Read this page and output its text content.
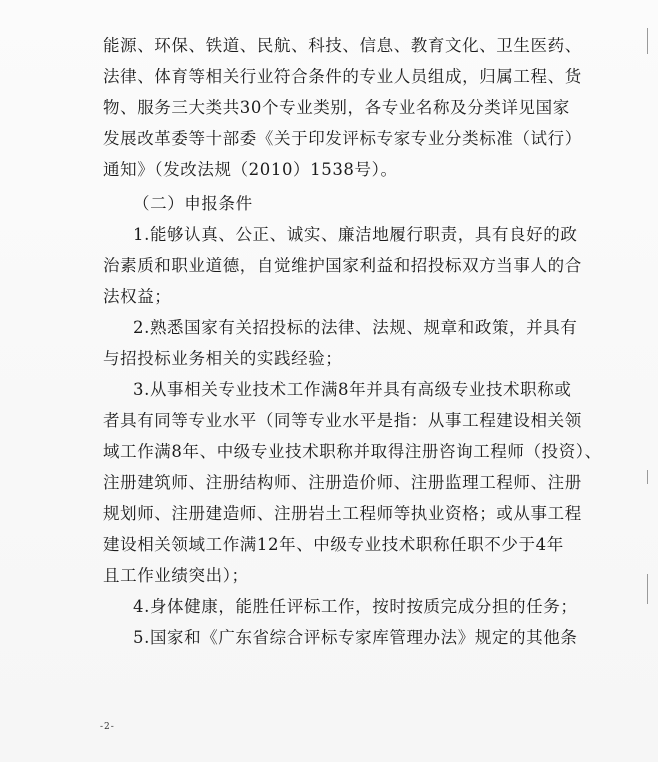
能源、环保、铁道、民航、科技、信息、教育文化、卫生医药、
法律、体育等相关行业符合条件的专业人员组成，归属工程、货
物、服务三大类共30个专业类别，各专业名称及分类详见国家
发展改革委等十部委《关于印发评标专家专业分类标准（试行）
通知》（发改法规（2010）1538号）。
（二）申报条件
1.能够认真、公正、诚实、廉洁地履行职责，具有良好的政
治素质和职业道德，自觉维护国家利益和招投标双方当事人的合
法权益；
2.熟悉国家有关招投标的法律、法规、规章和政策，并具有
与招投标业务相关的实践经验；
3.从事相关专业技术工作满8年并具有高级专业技术职称或
者具有同等专业水平（同等专业水平是指：从事工程建设相关领
域工作满8年、中级专业技术职称并取得注册咨询工程师（投资）、
注册建筑师、注册结构师、注册造价师、注册监理工程师、注册
规划师、注册建造师、注册岩土工程师等执业资格；或从事工程
建设相关领域工作满12年、中级专业技术职称任职不少于4年
且工作业绩突出）；
4.身体健康，能胜任评标工作，按时按质完成分担的任务；
5.国家和《广东省综合评标专家库管理办法》规定的其他条
-2-
